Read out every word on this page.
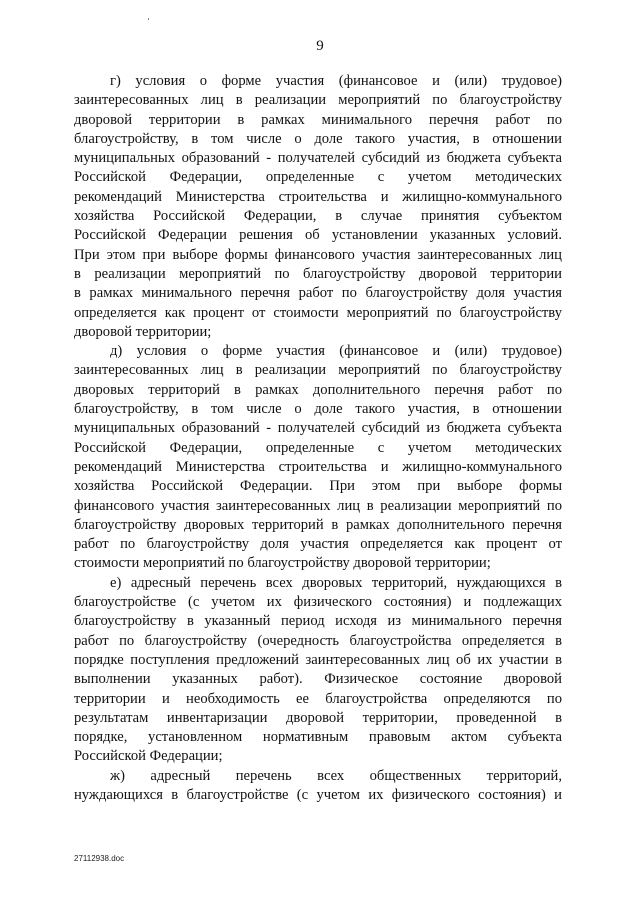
9
г) условия о форме участия (финансовое и (или) трудовое)
заинтересованных лиц в реализации мероприятий по благоустройству
дворовой территории в рамках минимального перечня работ по
благоустройству, в том числе о доле такого участия, в отношении
муниципальных образований - получателей субсидий из бюджета субъекта
Российской Федерации, определенные с учетом методических
рекомендаций Министерства строительства и жилищно-коммунального
хозяйства Российской Федерации, в случае принятия субъектом
Российской Федерации решения об установлении указанных условий.
При этом при выборе формы финансового участия заинтересованных лиц
в реализации мероприятий по благоустройству дворовой территории
в рамках минимального перечня работ по благоустройству доля участия
определяется как процент от стоимости мероприятий по благоустройству
дворовой территории;
д) условия о форме участия (финансовое и (или) трудовое)
заинтересованных лиц в реализации мероприятий по благоустройству
дворовых территорий в рамках дополнительного перечня работ по
благоустройству, в том числе о доле такого участия, в отношении
муниципальных образований - получателей субсидий из бюджета субъекта
Российской Федерации, определенные с учетом методических
рекомендаций Министерства строительства и жилищно-коммунального
хозяйства Российской Федерации. При этом при выборе формы
финансового участия заинтересованных лиц в реализации мероприятий по
благоустройству дворовых территорий в рамках дополнительного перечня
работ по благоустройству доля участия определяется как процент от
стоимости мероприятий по благоустройству дворовой территории;
е) адресный перечень всех дворовых территорий, нуждающихся в
благоустройстве (с учетом их физического состояния) и подлежащих
благоустройству в указанный период исходя из минимального перечня
работ по благоустройству (очередность благоустройства определяется в
порядке поступления предложений заинтересованных лиц об их участии в
выполнении указанных работ). Физическое состояние дворовой
территории и необходимость ее благоустройства определяются по
результатам инвентаризации дворовой территории, проведенной в
порядке, установленном нормативным правовым актом субъекта
Российской Федерации;
ж) адресный перечень всех общественных территорий,
нуждающихся в благоустройстве (с учетом их физического состояния) и
27112938.doc
